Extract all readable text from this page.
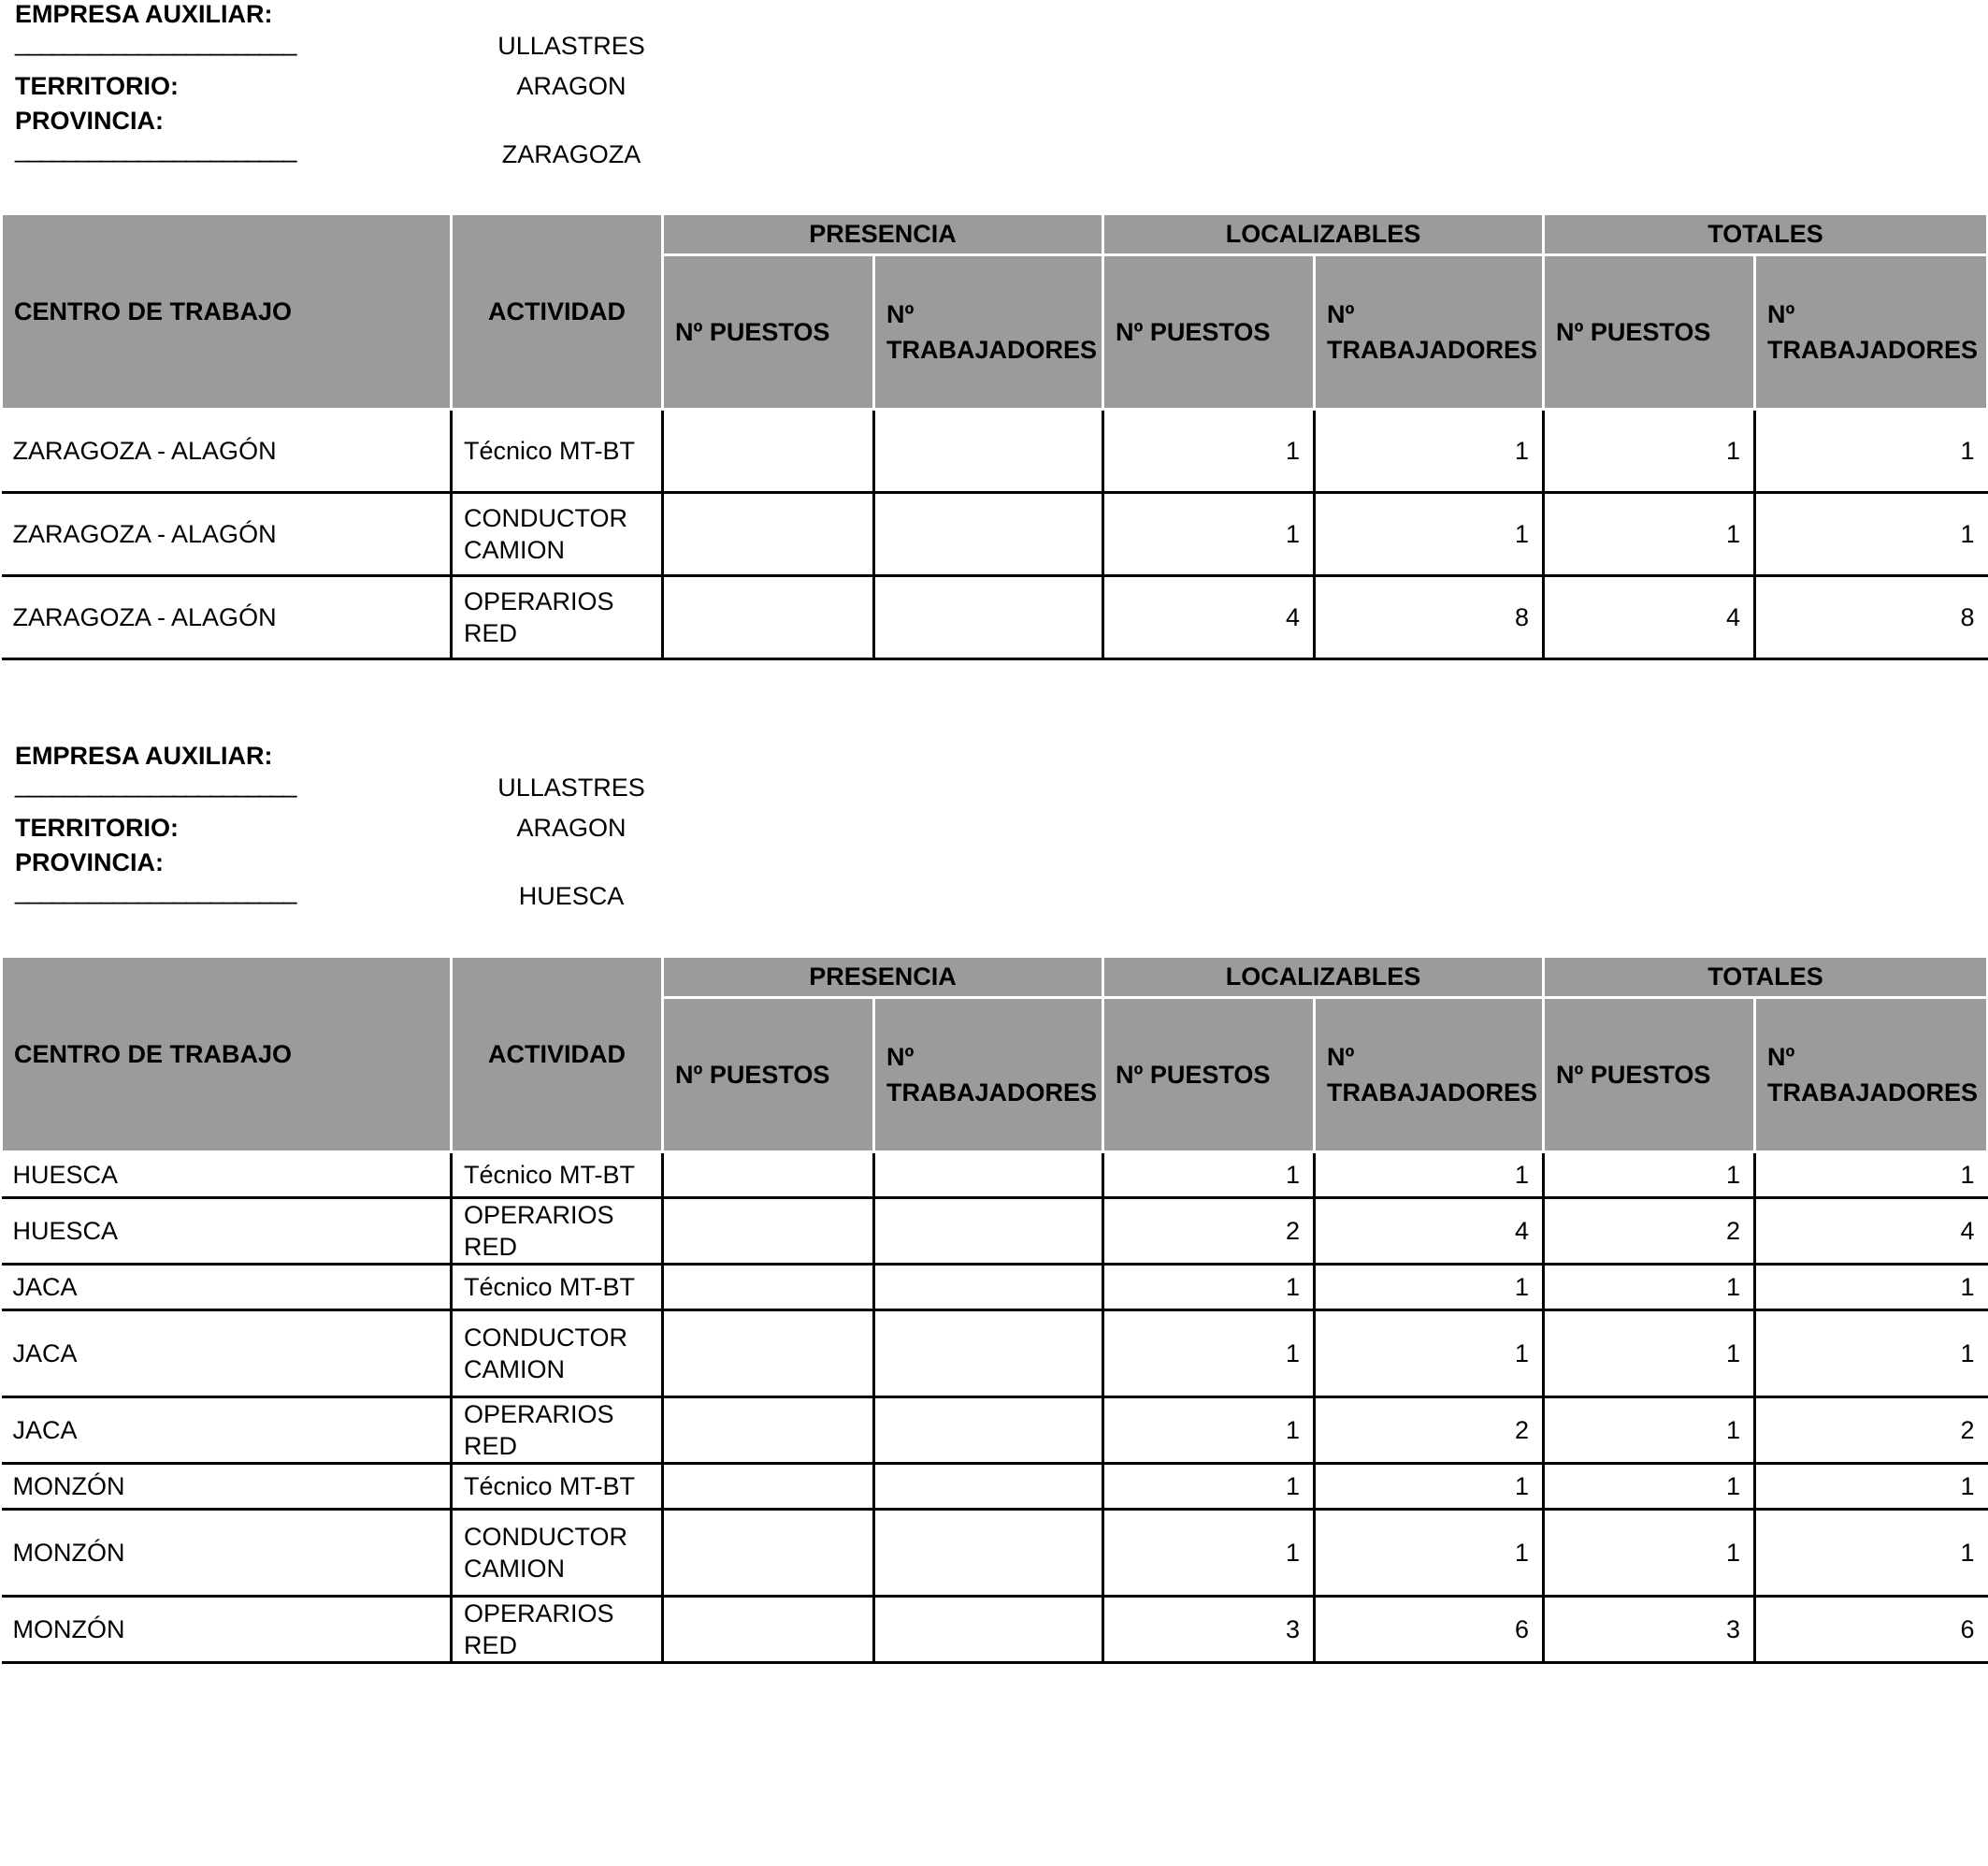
EMPRESA AUXILIAR:
_______________________	ULLASTRES
TERRITORIO:	ARAGON
PROVINCIA:
_______________________	ZARAGOZA
CENTRO DE TRABAJO	ACTIVIDAD	PRESENCIA		LOCALIZABLES		TOTALES	
		Nº PUESTOS	Nº
TRABAJADORES	Nº PUESTOS	Nº
TRABAJADORES	Nº PUESTOS	Nº
TRABAJADORES
ZARAGOZA - ALAGÓN	Técnico MT-BT			1	1	1	1
ZARAGOZA - ALAGÓN	CONDUCTOR
CAMION			1	1	1	1
ZARAGOZA - ALAGÓN	OPERARIOS RED			4	8	4	8
EMPRESA AUXILIAR:
_______________________	ULLASTRES
TERRITORIO:	ARAGON
PROVINCIA:
_______________________	HUESCA
CENTRO DE TRABAJO	ACTIVIDAD	PRESENCIA		LOCALIZABLES		TOTALES	
		Nº PUESTOS	Nº
TRABAJADORES	Nº PUESTOS	Nº
TRABAJADORES	Nº PUESTOS	Nº
TRABAJADORES
HUESCA	Técnico MT-BT			1	1	1	1
HUESCA	OPERARIOS RED			2	4	2	4
JACA	Técnico MT-BT			1	1	1	1
JACA	CONDUCTOR
CAMION			1	1	1	1
JACA	OPERARIOS RED			1	2	1	2
MONZÓN	Técnico MT-BT			1	1	1	1
MONZÓN	CONDUCTOR
CAMION			1	1	1	1
MONZÓN	OPERARIOS RED			3	6	3	6
